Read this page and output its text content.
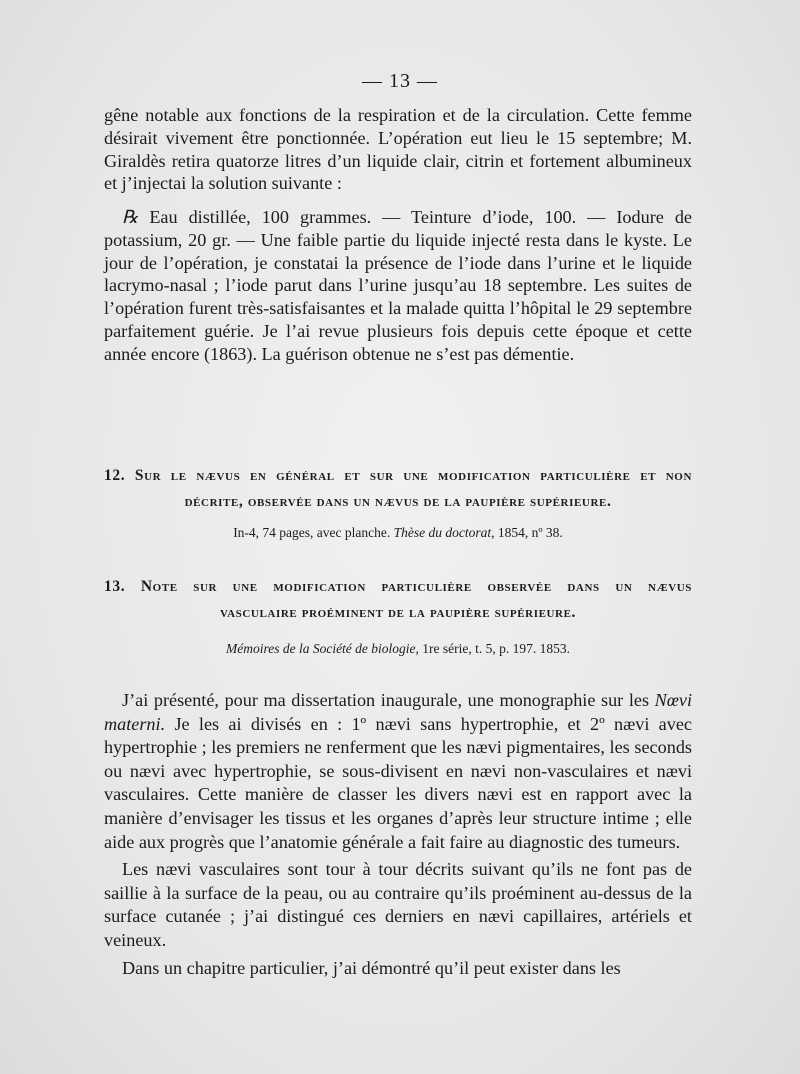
— 13 —

gêne notable aux fonctions de la respiration et de la circulation. Cette femme désirait vivement être ponctionnée. L’opération eut lieu le 15 septembre; M. Giraldès retira quatorze litres d’un liquide clair, citrin et fortement albumineux et j’injectai la solution suivante :

℞ Eau distillée, 100 grammes. — Teinture d’iode, 100. — Iodure de potassium, 20 gr. — Une faible partie du liquide injecté resta dans le kyste. Le jour de l’opération, je constatai la présence de l’iode dans l’urine et le liquide lacrymo-nasal ; l’iode parut dans l’urine jusqu’au 18 septembre. Les suites de l’opération furent très-satisfaisantes et la malade quitta l’hôpital le 29 septembre parfaitement guérie. Je l’ai revue plusieurs fois depuis cette époque et cette année encore (1863). La guérison obtenue ne s’est pas démentie.

12. Sur le nævus en général et sur une modification particulière et non
décrite, observée dans un nævus de la paupière supérieure.
In-4, 74 pages, avec planche. Thèse du doctorat, 1854, nº 38.
13. Note sur une modification particulière observée dans un nævus
vasculaire proéminent de la paupière supérieure.
Mémoires de la Société de biologie, 1re série, t. 5, p. 197. 1853.

J’ai présenté, pour ma dissertation inaugurale, une monographie sur les Nœvi materni. Je les ai divisés en : 1º nævi sans hypertrophie, et 2º nævi avec hypertrophie ; les premiers ne renferment que les nævi pigmentaires, les seconds ou nævi avec hypertrophie, se sous-divisent en nævi non-vasculaires et nævi vasculaires. Cette manière de classer les divers nævi est en rapport avec la manière d’envisager les tissus et les organes d’après leur structure intime ; elle aide aux progrès que l’anatomie générale a fait faire au diagnostic des tumeurs.

Les nævi vasculaires sont tour à tour décrits suivant qu’ils ne font pas de saillie à la surface de la peau, ou au contraire qu’ils proéminent au-dessus de la surface cutanée ; j’ai distingué ces derniers en nævi capillaires, artériels et veineux.

Dans un chapitre particulier, j’ai démontré qu’il peut exister dans les
